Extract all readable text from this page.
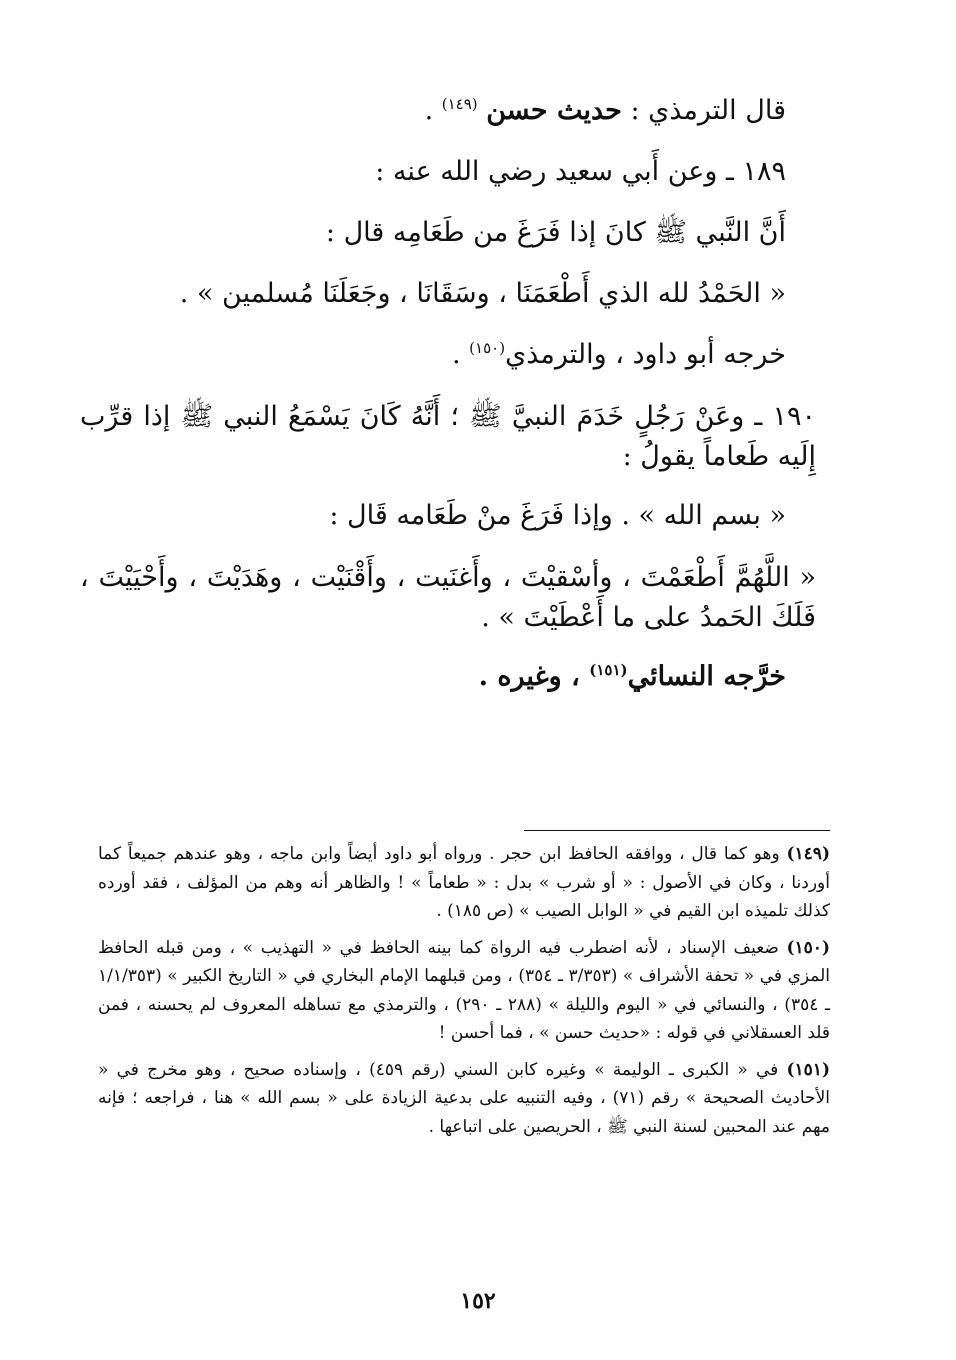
قال الترمذي : حديث حسن $^{(١٤٩)}$ .

١٨٩ ـ وعن أَبي سعيد رضي الله عنه :

أَنَّ النَّبي ﷺ كانَ إذا فَرَغَ من طَعَامِه قال :

« الحَمْدُ لله الذي أَطْعَمَنَا ، وسَقَانَا ، وجَعَلَنَا مُسلمين » .

خرجه أبو داود ، والترمذي$^{(١٥٠)}$ .

١٩٠ ـ وعَنْ رَجُلٍ خَدَمَ النبيَّ ﷺ ؛ أَنَّهُ كَانَ يَسْمَعُ النبي ﷺ إذا قرِّب إِلَيه طَعاماً يقولُ :

« بسم الله » . وإذا فَرَغَ منْ طَعَامه قَال :

« اللَّهُمَّ أَطْعَمْتَ ، وأسْقيْتَ ، وأَغنَيت ، وأَقْنَيْت ، وهَدَيْتَ ، وأَحْيَيْتَ ، فَلَكَ الحَمدُ على ما أَعْطَيْتَ » .

خرَّجه النسائي$^{(١٥١)}$ ، وغيره .

(١٤٩) وهو كما قال ، ووافقه الحافظ ابن حجر . ورواه أبو داود أيضاً وابن ماجه ، وهو عندهم جميعاً كما أوردنا ، وكان في الأصول : « أو شرب » بدل : « طعاماً » ! والظاهر أنه وهم من المؤلف ، فقد أورده كذلك تلميذه ابن القيم في « الوابل الصيب » (ص ١٨٥) .

(١٥٠) ضعيف الإسناد ، لأنه اضطرب فيه الرواة كما بينه الحافظ في « التهذيب » ، ومن قبله الحافظ المزي في « تحفة الأشراف » (٣/٣٥٣ ـ ٣٥٤) ، ومن قبلهما الإمام البخاري في « التاريخ الكبير » (١/١/٣٥٣ ـ ٣٥٤) ، والنسائي في « اليوم والليلة » (٢٨٨ ـ ٢٩٠) ، والترمذي مع تساهله المعروف لم يحسنه ، فمن قلد العسقلاني في قوله : «حديث حسن » ، فما أحسن !

(١٥١) في « الكبرى ـ الوليمة » وغيره كابن السني (رقم ٤٥٩) ، وإسناده صحيح ، وهو مخرج في « الأحاديث الصحيحة » رقم (٧١) ، وفيه التنبيه على بدعية الزيادة على « بسم الله » هنا ، فراجعه ؛ فإنه مهم عند المحبين لسنة النبي ﷺ ، الحريصين على اتباعها .

١٥٢
